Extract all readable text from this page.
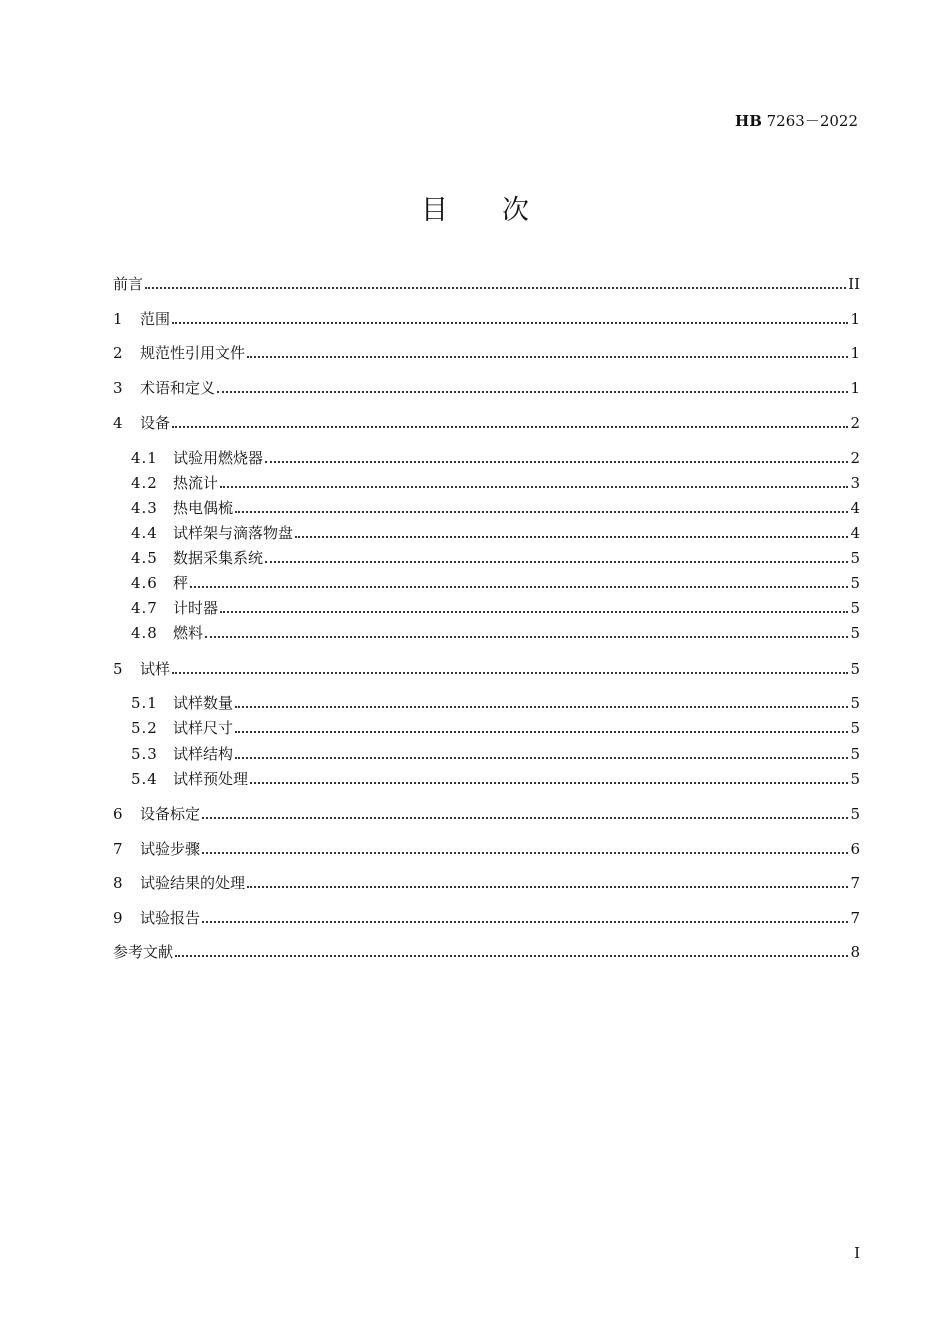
HB 7263－2022
目 次
前言	II
1	范围	1
2	规范性引用文件	1
3	术语和定义	1
4	设备	2
4.1	试验用燃烧器	2
4.2	热流计	3
4.3	热电偶梳	4
4.4	试样架与滴落物盘	4
4.5	数据采集系统	5
4.6	秤	5
4.7	计时器	5
4.8	燃料	5
5	试样	5
5.1	试样数量	5
5.2	试样尺寸	5
5.3	试样结构	5
5.4	试样预处理	5
6	设备标定	5
7	试验步骤	6
8	试验结果的处理	7
9	试验报告	7
参考文献	8
I
